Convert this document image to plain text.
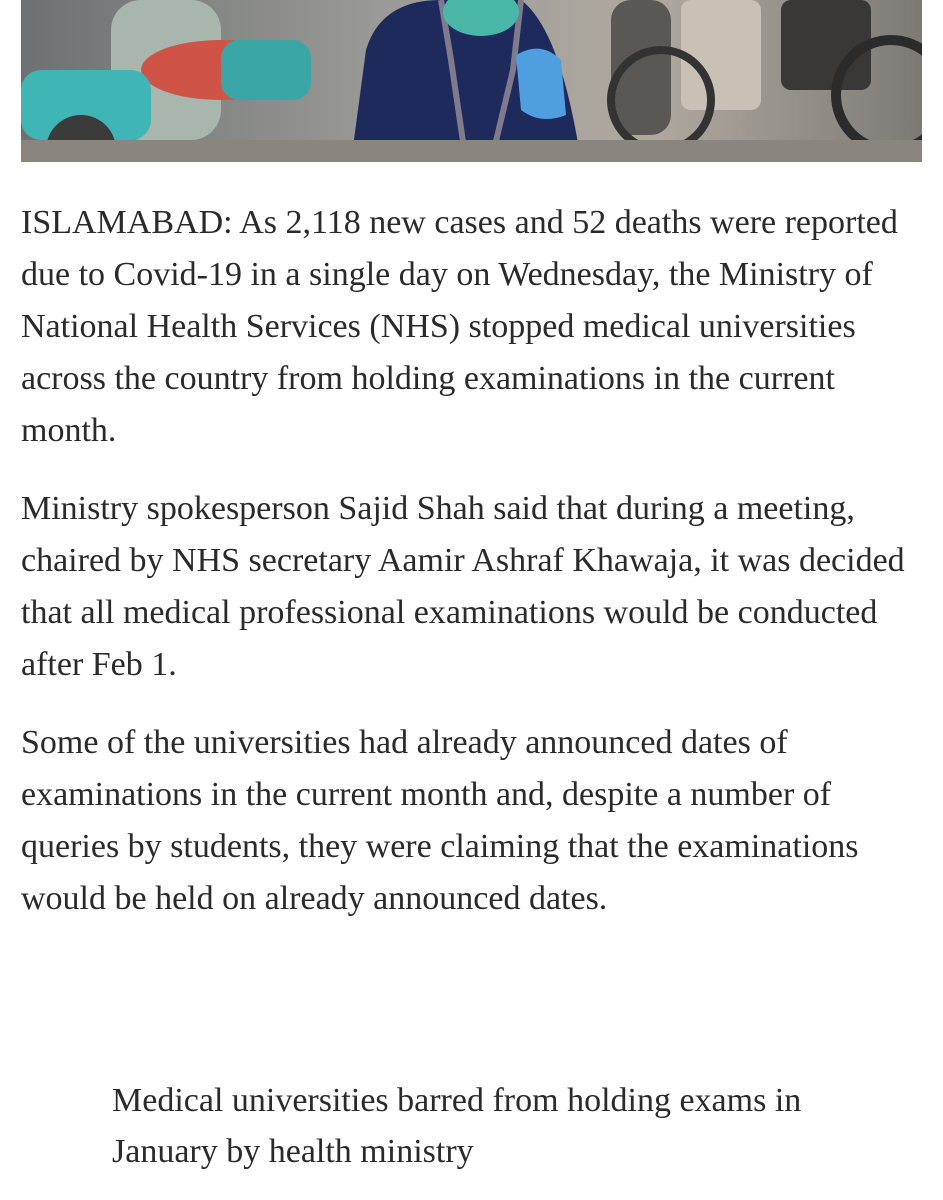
ISLAMABAD: As 2,118 new cases and 52 deaths were reported due to Covid-19 in a single day on Wednesday, the Ministry of National Health Services (NHS) stopped medical universities across the country from holding examinations in the current month.

Ministry spokesperson Sajid Shah said that during a meeting, chaired by NHS secretary Aamir Ashraf Khawaja, it was decided that all medical professional examinations would be conducted after Feb 1.

Some of the universities had already announced dates of examinations in the current month and, despite a number of queries by students, they were claiming that the examinations would be held on already announced dates.

Medical universities barred from holding exams in January by health ministry
